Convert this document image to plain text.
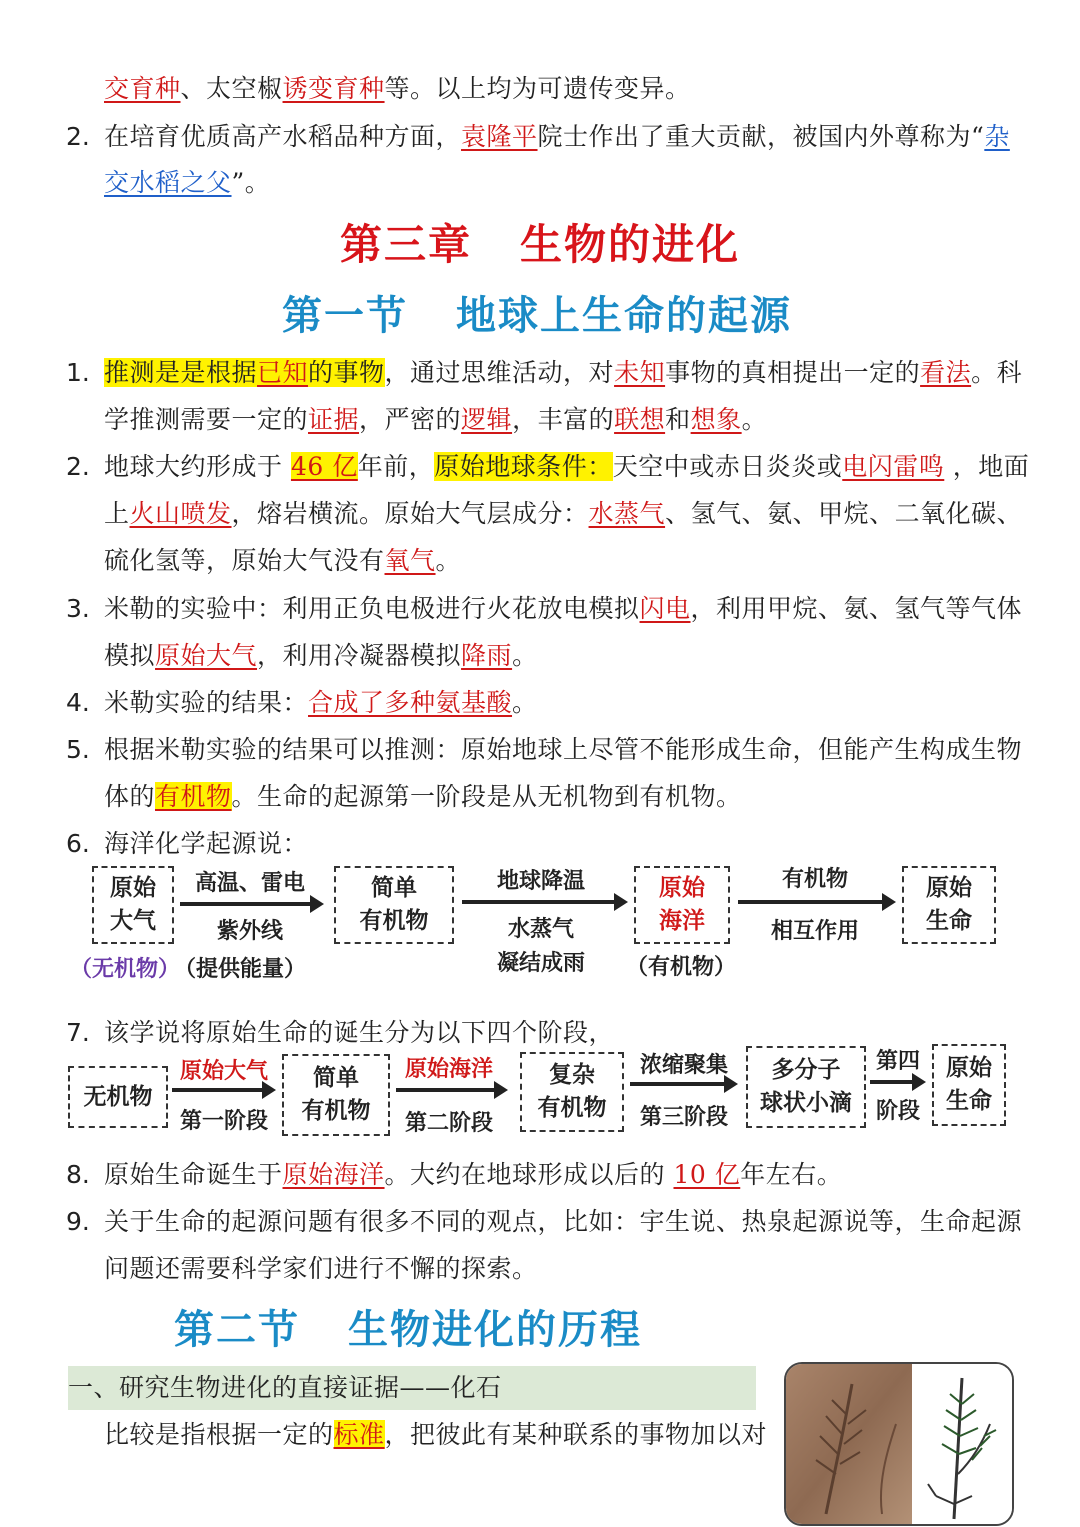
交育种、太空椒诱变育种等。以上均为可遗传变异。
2. 在培育优质高产水稻品种方面，袁隆平院士作出了重大贡献，被国内外尊称为“杂
交水稻之父”。
第三章 生物的进化
第一节 地球上生命的起源
1. 推测是是根据已知的事物，通过思维活动，对未知事物的真相提出一定的看法。科
学推测需要一定的证据，严密的逻辑，丰富的联想和想象。
2. 地球大约形成于 46 亿年前，原始地球条件：天空中或赤日炎炎或电闪雷鸣 ，地面
上火山喷发，熔岩横流。原始大气层成分：水蒸气、氢气、氨、甲烷、二氧化碳、
硫化氢等，原始大气没有氧气。
3. 米勒的实验中：利用正负电极进行火花放电模拟闪电，利用甲烷、氨、氢气等气体
模拟原始大气，利用冷凝器模拟降雨。
4. 米勒实验的结果：合成了多种氨基酸。
5. 根据米勒实验的结果可以推测：原始地球上尽管不能形成生命，但能产生构成生物
体的有机物。生命的起源第一阶段是从无机物到有机物。
6. 海洋化学起源说：
原始
大气
（无机物）
高温、雷电
紫外线
（提供能量）
简单
有机物
地球降温
水蒸气
凝结成雨
原始
海洋
（有机物）
有机物
相互作用
原始
生命
7. 该学说将原始生命的诞生分为以下四个阶段，
无机物
原始大气
第一阶段
简单
有机物
原始海洋
第二阶段
复杂
有机物
浓缩聚集
第三阶段
多分子
球状小滴
第四
阶段
原始
生命
8. 原始生命诞生于原始海洋。大约在地球形成以后的 10 亿年左右。
9. 关于生命的起源问题有很多不同的观点，比如：宇生说、热泉起源说等，生命起源
问题还需要科学家们进行不懈的探索。
第二节 生物进化的历程
一、研究生物进化的直接证据——化石
比较是指根据一定的标准，把彼此有某种联系的事物加以对
